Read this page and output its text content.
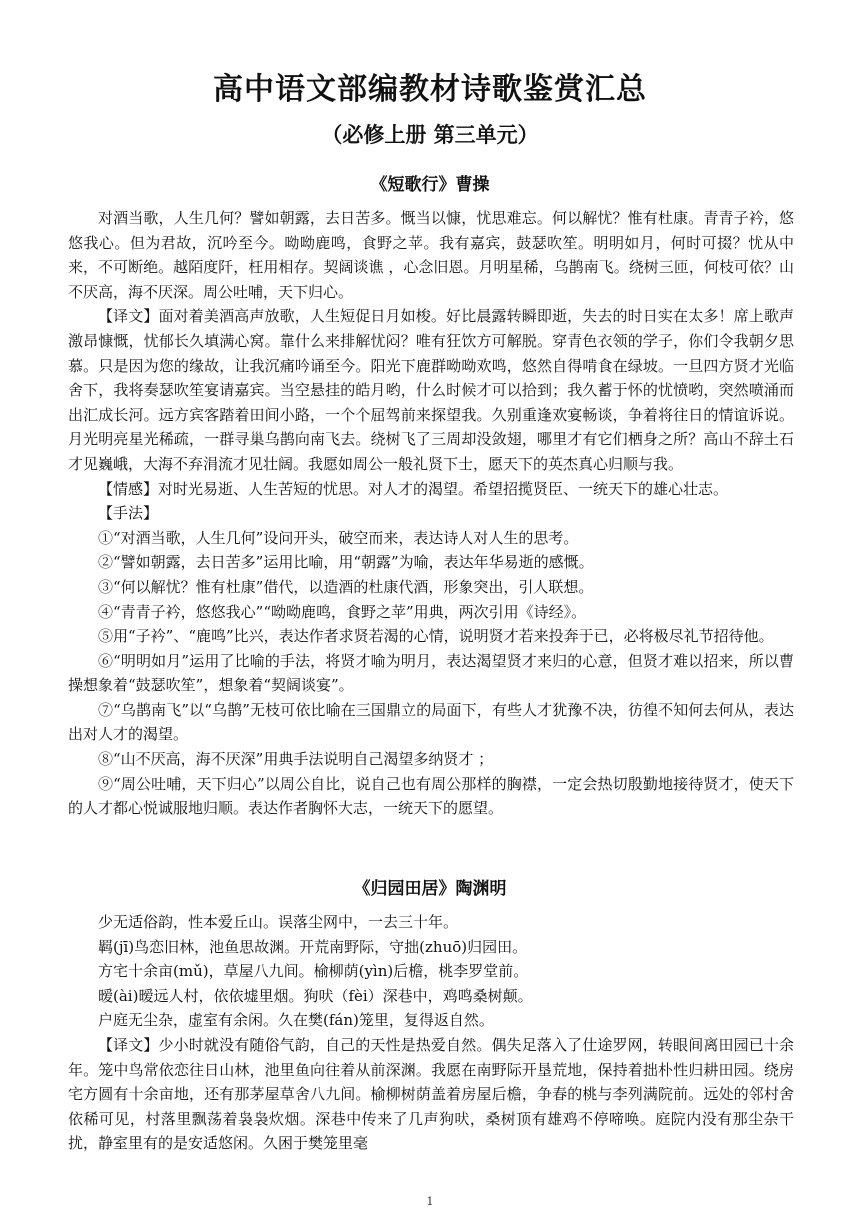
高中语文部编教材诗歌鉴赏汇总
（必修上册 第三单元）
《短歌行》曹操

对酒当歌，人生几何？譬如朝露，去日苦多。慨当以慷，忧思难忘。何以解忧？惟有杜康。青青子衿，悠悠我心。但为君故，沉吟至今。呦呦鹿鸣，食野之苹。我有嘉宾，鼓瑟吹笙。明明如月，何时可掇？忧从中来，不可断绝。越陌度阡，枉用相存。契阔谈谯 ，心念旧恩。月明星稀，乌鹊南飞。绕树三匝，何枝可依？山不厌高，海不厌深。周公吐哺，天下归心。

【译文】面对着美酒高声放歌，人生短促日月如梭。好比晨露转瞬即逝，失去的时日实在太多！席上歌声激昂慷慨，忧郁长久填满心窝。靠什么来排解忧闷？唯有狂饮方可解脱。穿青色衣领的学子，你们令我朝夕思慕。只是因为您的缘故，让我沉痛吟诵至今。阳光下鹿群呦呦欢鸣，悠然自得啃食在绿坡。一旦四方贤才光临舍下，我将奏瑟吹笙宴请嘉宾。当空悬挂的皓月哟，什么时候才可以拾到；我久蓄于怀的忧愤哟，突然喷涌而出汇成长河。远方宾客踏着田间小路，一个个屈驾前来探望我。久别重逢欢宴畅谈，争着将往日的情谊诉说。月光明亮星光稀疏，一群寻巢乌鹊向南飞去。绕树飞了三周却没敛翅，哪里才有它们栖身之所？高山不辞土石才见巍峨，大海不弃涓流才见壮阔。我愿如周公一般礼贤下士，愿天下的英杰真心归顺与我。

【情感】对时光易逝、人生苦短的忧思。对人才的渴望。希望招揽贤臣、一统天下的雄心壮志。

【手法】

①“对酒当歌，人生几何”设问开头，破空而来，表达诗人对人生的思考。

②“譬如朝露，去日苦多”运用比喻，用“朝露”为喻，表达年华易逝的感慨。

③“何以解忧？惟有杜康”借代，以造酒的杜康代酒，形象突出，引人联想。

④“青青子衿，悠悠我心”“呦呦鹿鸣，食野之苹”用典，两次引用《诗经》。

⑤用“子衿”、“鹿鸣”比兴，表达作者求贤若渴的心情，说明贤才若来投奔于已，必将极尽礼节招待他。

⑥“明明如月”运用了比喻的手法，将贤才喻为明月，表达渴望贤才来归的心意，但贤才难以招来，所以曹操想象着“鼓瑟吹笙”，想象着“契阔谈宴”。

⑦“乌鹊南飞”以“乌鹊”无枝可依比喻在三国鼎立的局面下，有些人才犹豫不决，彷徨不知何去何从，表达出对人才的渴望。

⑧“山不厌高，海不厌深”用典手法说明自己渴望多纳贤才 ；

⑨“周公吐哺，天下归心”以周公自比，说自己也有周公那样的胸襟，一定会热切殷勤地接待贤才，使天下的人才都心悦诚服地归顺。表达作者胸怀大志，一统天下的愿望。

《归园田居》陶渊明

少无适俗韵，性本爱丘山。误落尘网中，一去三十年。

羁(jī)鸟恋旧林，池鱼思故渊。开荒南野际，守拙(zhuō)归园田。

方宅十余亩(mǔ)，草屋八九间。榆柳荫(yìn)后檐，桃李罗堂前。

暧(ài)暧远人村，依依墟里烟。狗吠（fèi）深巷中，鸡鸣桑树颠。

户庭无尘杂，虚室有余闲。久在樊(fán)笼里，复得返自然。

【译文】少小时就没有随俗气韵，自己的天性是热爱自然。偶失足落入了仕途罗网，转眼间离田园已十余年。笼中鸟常依恋往日山林，池里鱼向往着从前深渊。我愿在南野际开垦荒地，保持着拙朴性归耕田园。绕房宅方圆有十余亩地，还有那茅屋草舍八九间。榆柳树荫盖着房屋后檐，争春的桃与李列满院前。远处的邻村舍依稀可见，村落里飘荡着袅袅炊烟。深巷中传来了几声狗吠，桑树顶有雄鸡不停啼唤。庭院内没有那尘杂干扰，静室里有的是安适悠闲。久困于樊笼里毫

1
